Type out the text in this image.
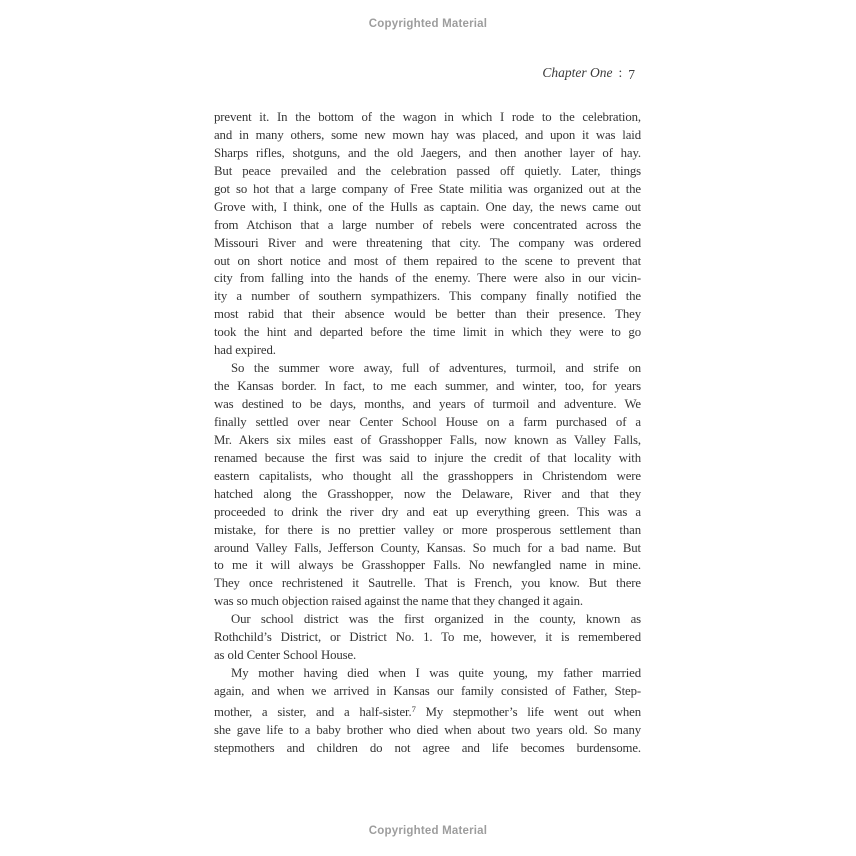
Copyrighted Material
Chapter One : 7
prevent it. In the bottom of the wagon in which I rode to the celebration,
and in many others, some new mown hay was placed, and upon it was laid
Sharps rifles, shotguns, and the old Jaegers, and then another layer of hay.
But peace prevailed and the celebration passed off quietly. Later, things
got so hot that a large company of Free State militia was organized out at the
Grove with, I think, one of the Hulls as captain. One day, the news came out
from Atchison that a large number of rebels were concentrated across the
Missouri River and were threatening that city. The company was ordered
out on short notice and most of them repaired to the scene to prevent that
city from falling into the hands of the enemy. There were also in our vicin-
ity a number of southern sympathizers. This company finally notified the
most rabid that their absence would be better than their presence. They
took the hint and departed before the time limit in which they were to go
had expired.
So the summer wore away, full of adventures, turmoil, and strife on
the Kansas border. In fact, to me each summer, and winter, too, for years
was destined to be days, months, and years of turmoil and adventure. We
finally settled over near Center School House on a farm purchased of a
Mr. Akers six miles east of Grasshopper Falls, now known as Valley Falls,
renamed because the first was said to injure the credit of that locality with
eastern capitalists, who thought all the grasshoppers in Christendom were
hatched along the Grasshopper, now the Delaware, River and that they
proceeded to drink the river dry and eat up everything green. This was a
mistake, for there is no prettier valley or more prosperous settlement than
around Valley Falls, Jefferson County, Kansas. So much for a bad name. But
to me it will always be Grasshopper Falls. No newfangled name in mine.
They once rechristened it Sautrelle. That is French, you know. But there
was so much objection raised against the name that they changed it again.
Our school district was the first organized in the county, known as
Rothchild’s District, or District No. 1. To me, however, it is remembered
as old Center School House.
My mother having died when I was quite young, my father married
again, and when we arrived in Kansas our family consisted of Father, Step-
mother, a sister, and a half-sister.$^7$ My stepmother’s life went out when
she gave life to a baby brother who died when about two years old. So many
stepmothers and children do not agree and life becomes burdensome.
Copyrighted Material
